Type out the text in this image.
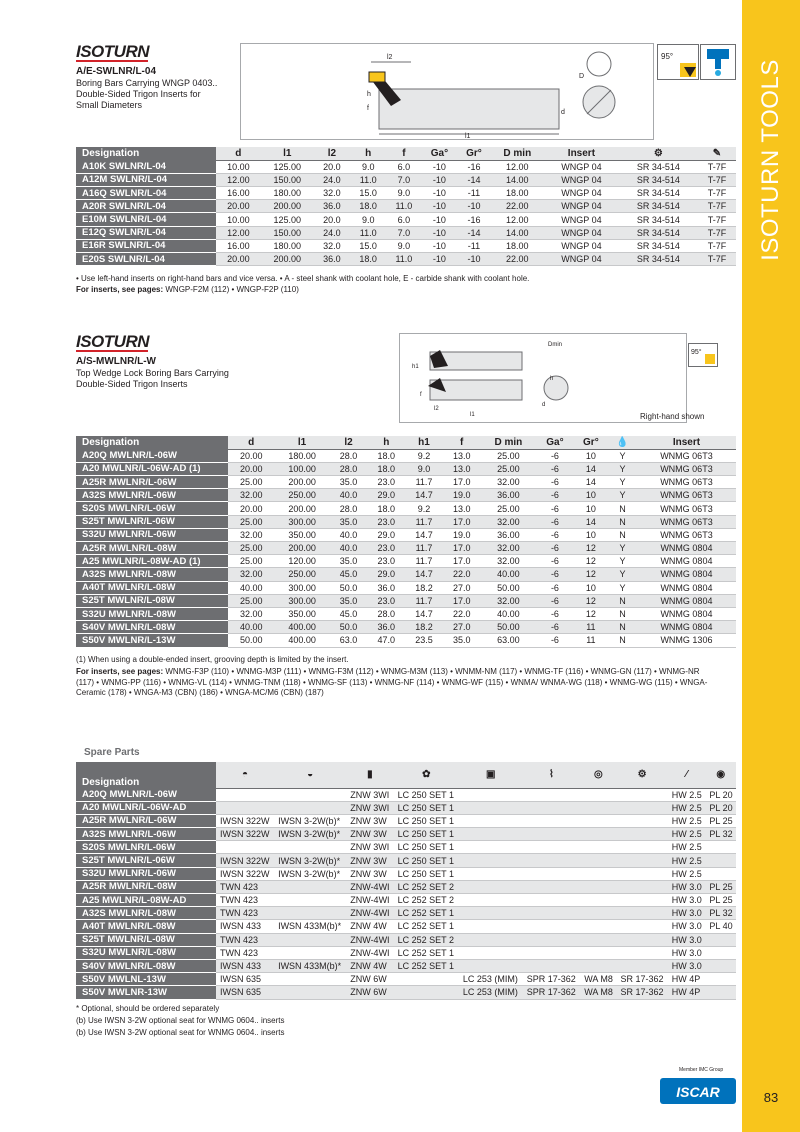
ISOTURN TOOLS
83
ISOTURN
A/E-SWLNR/L-04
Boring Bars Carrying WNGP 0403..
Double-Sided Trigon Inserts for
Small Diameters
l2
l1
D
h
f
d
95°
Designation	d	l1	l2	h	f	Ga°	Gr°	D min	Insert	⚙	✎
A10K SWLNR/L-04	10.00	125.00	20.0	9.0	6.0	-10	-16	12.00	WNGP 04	SR 34-514	T-7F
A12M SWLNR/L-04	12.00	150.00	24.0	11.0	7.0	-10	-14	14.00	WNGP 04	SR 34-514	T-7F
A16Q SWLNR/L-04	16.00	180.00	32.0	15.0	9.0	-10	-11	18.00	WNGP 04	SR 34-514	T-7F
A20R SWLNR/L-04	20.00	200.00	36.0	18.0	11.0	-10	-10	22.00	WNGP 04	SR 34-514	T-7F
E10M SWLNR/L-04	10.00	125.00	20.0	9.0	6.0	-10	-16	12.00	WNGP 04	SR 34-514	T-7F
E12Q SWLNR/L-04	12.00	150.00	24.0	11.0	7.0	-10	-14	14.00	WNGP 04	SR 34-514	T-7F
E16R SWLNR/L-04	16.00	180.00	32.0	15.0	9.0	-10	-11	18.00	WNGP 04	SR 34-514	T-7F
E20S SWLNR/L-04	20.00	200.00	36.0	18.0	11.0	-10	-10	22.00	WNGP 04	SR 34-514	T-7F
• Use left-hand inserts on right-hand bars and vice versa. • A - steel shank with coolant hole, E - carbide shank with coolant hole.
For inserts, see pages: WNGP-F2M (112) • WNGP-F2P (110)
ISOTURN
A/S-MWLNR/L-W
Top Wedge Lock Boring Bars Carrying
Double-Sided Trigon Inserts
Dmin
h1
h
f
l2
d
l1
95°
Right-hand shown
Designation	d	l1	l2	h	h1	f	D min	Ga°	Gr°	💧	Insert
A20Q MWLNR/L-06W	20.00	180.00	28.0	18.0	9.2	13.0	25.00	-6	10	Y	WNMG 06T3
A20 MWLNR/L-06W-AD (1)	20.00	100.00	28.0	18.0	9.0	13.0	25.00	-6	14	Y	WNMG 06T3
A25R MWLNR/L-06W	25.00	200.00	35.0	23.0	11.7	17.0	32.00	-6	14	Y	WNMG 06T3
A32S MWLNR/L-06W	32.00	250.00	40.0	29.0	14.7	19.0	36.00	-6	10	Y	WNMG 06T3
S20S MWLNR/L-06W	20.00	200.00	28.0	18.0	9.2	13.0	25.00	-6	10	N	WNMG 06T3
S25T MWLNR/L-06W	25.00	300.00	35.0	23.0	11.7	17.0	32.00	-6	14	N	WNMG 06T3
S32U MWLNR/L-06W	32.00	350.00	40.0	29.0	14.7	19.0	36.00	-6	10	N	WNMG 06T3
A25R MWLNR/L-08W	25.00	200.00	40.0	23.0	11.7	17.0	32.00	-6	12	Y	WNMG 0804
A25 MWLNR/L-08W-AD (1)	25.00	120.00	35.0	23.0	11.7	17.0	32.00	-6	12	Y	WNMG 0804
A32S MWLNR/L-08W	32.00	250.00	45.0	29.0	14.7	22.0	40.00	-6	12	Y	WNMG 0804
A40T MWLNR/L-08W	40.00	300.00	50.0	36.0	18.2	27.0	50.00	-6	10	Y	WNMG 0804
S25T MWLNR/L-08W	25.00	300.00	35.0	23.0	11.7	17.0	32.00	-6	12	N	WNMG 0804
S32U MWLNR/L-08W	32.00	350.00	45.0	28.0	14.7	22.0	40.00	-6	12	N	WNMG 0804
S40V MWLNR/L-08W	40.00	400.00	50.0	36.0	18.2	27.0	50.00	-6	11	N	WNMG 0804
S50V MWLNR/L-13W	50.00	400.00	63.0	47.0	23.5	35.0	63.00	-6	11	N	WNMG 1306
(1) When using a double-ended insert, grooving depth is limited by the insert.
For inserts, see pages: WNMG-F3P (110) • WNMG-M3P (111) • WNMG-F3M (112) • WNMG-M3M (113) • WNMM-NM (117) • WNMG-TF (116) • WNMG-GN (117) • WNMG-NR (117) • WNMG-PP (116) • WNMG-VL (114) • WNMG-TNM (118) • WNMG-SF (113) • WNMG-NF (114) • WNMG-WF (115) • WNMA/ WNMA-WG (118) • WNMG-WG (115) • WNGA-Ceramic (178) • WNGA-M3 (CBN) (186) • WNGA-MC/M6 (CBN) (187)
Spare Parts
Designation	◓	◒	▮	✿	▣	⌇	◎	⚙	⁄	◉
A20Q MWLNR/L-06W			ZNW 3WI	LC 250 SET 1					HW 2.5	PL 20
A20 MWLNR/L-06W-AD			ZNW 3WI	LC 250 SET 1					HW 2.5	PL 20
A25R MWLNR/L-06W	IWSN 322W	IWSN 3-2W(b)*	ZNW 3W	LC 250 SET 1					HW 2.5	PL 25
A32S MWLNR/L-06W	IWSN 322W	IWSN 3-2W(b)*	ZNW 3W	LC 250 SET 1					HW 2.5	PL 32
S20S MWLNR/L-06W			ZNW 3WI	LC 250 SET 1					HW 2.5	
S25T MWLNR/L-06W	IWSN 322W	IWSN 3-2W(b)*	ZNW 3W	LC 250 SET 1					HW 2.5	
S32U MWLNR/L-06W	IWSN 322W	IWSN 3-2W(b)*	ZNW 3W	LC 250 SET 1					HW 2.5	
A25R MWLNR/L-08W	TWN 423		ZNW-4WI	LC 252 SET 2					HW 3.0	PL 25
A25 MWLNR/L-08W-AD	TWN 423		ZNW-4WI	LC 252 SET 2					HW 3.0	PL 25
A32S MWLNR/L-08W	TWN 423		ZNW-4WI	LC 252 SET 1					HW 3.0	PL 32
A40T MWLNR/L-08W	IWSN 433	IWSN 433M(b)*	ZNW 4W	LC 252 SET 1					HW 3.0	PL 40
S25T MWLNR/L-08W	TWN 423		ZNW-4WI	LC 252 SET 2					HW 3.0	
S32U MWLNR/L-08W	TWN 423		ZNW-4WI	LC 252 SET 1					HW 3.0	
S40V MWLNR/L-08W	IWSN 433	IWSN 433M(b)*	ZNW 4W	LC 252 SET 1					HW 3.0	
S50V MWLNL-13W	IWSN 635		ZNW 6W		LC 253 (MIM)	SPR 17-362	WA M8	SR 17-362	HW 4P	
S50V MWLNR-13W	IWSN 635		ZNW 6W		LC 253 (MIM)	SPR 17-362	WA M8	SR 17-362	HW 4P	
* Optional, should be ordered separately
(b) Use IWSN 3-2W optional seat for WNMG 0604.. inserts
(b) Use IWSN 3-2W optional seat for WNMG 0604.. inserts
Member IMC Group
ISCAR
